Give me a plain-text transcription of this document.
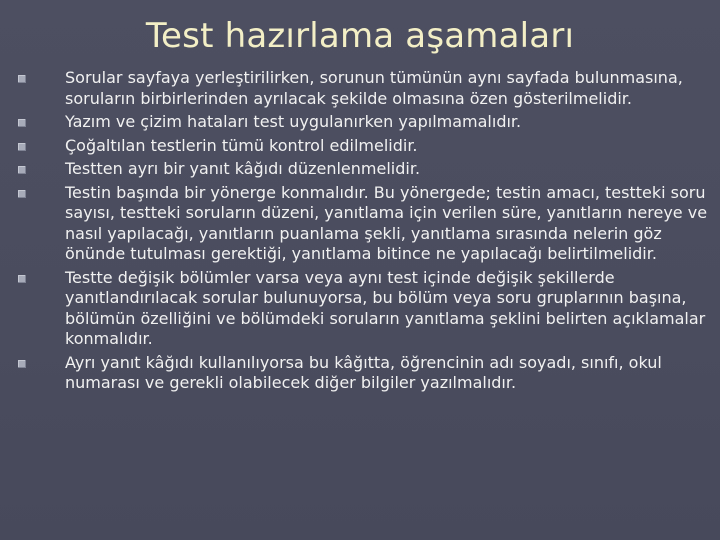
Test hazırlama aşamaları
Sorular sayfaya yerleştirilirken, sorunun tümünün aynı sayfada bulunmasına, soruların birbirlerinden ayrılacak şekilde olmasına özen gösterilmelidir.
Yazım ve çizim hataları test uygulanırken yapılmamalıdır.
Çoğaltılan testlerin tümü kontrol edilmelidir.
Testten ayrı bir yanıt kâğıdı düzenlenmelidir.
Testin başında bir yönerge konmalıdır. Bu yönergede; testin amacı, testteki soru sayısı, testteki soruların düzeni, yanıtlama için verilen süre, yanıtların nereye ve nasıl yapılacağı, yanıtların puanlama şekli, yanıtlama sırasında nelerin göz önünde tutulması gerektiği, yanıtlama bitince ne yapılacağı belirtilmelidir.
Testte değişik bölümler varsa veya aynı test içinde değişik şekillerde yanıtlandırılacak sorular bulunuyorsa, bu bölüm veya soru gruplarının başına, bölümün özelliğini ve bölümdeki soruların yanıtlama şeklini belirten açıklamalar konmalıdır.
Ayrı yanıt kâğıdı kullanılıyorsa bu kâğıtta, öğrencinin adı soyadı, sınıfı, okul numarası ve gerekli olabilecek diğer bilgiler yazılmalıdır.
